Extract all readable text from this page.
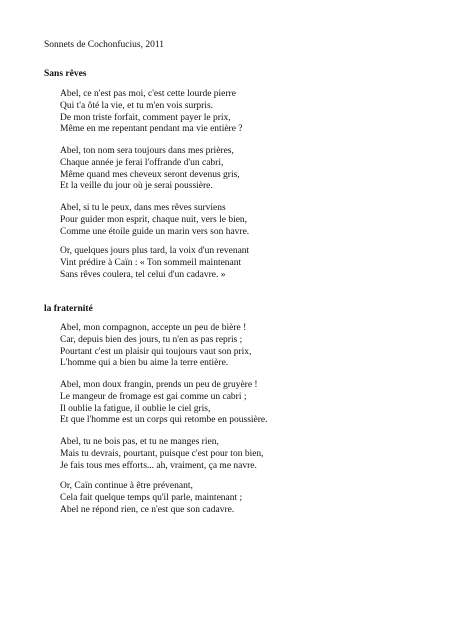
Sonnets de Cochonfucius, 2011
Sans rêves
Abel, ce n'est pas moi, c'est cette lourde pierre
Qui t'a ôté la vie, et tu m'en vois surpris.
De mon triste forfait, comment payer le prix,
Même en me repentant pendant ma vie entière ?
Abel, ton nom sera toujours dans mes prières,
Chaque année je ferai l'offrande d'un cabri,
Même quand mes cheveux seront devenus gris,
Et la veille du jour où je serai poussière.
Abel, si tu le peux, dans mes rêves surviens
Pour guider mon esprit, chaque nuit, vers le bien,
Comme une étoile guide un marin vers son havre.
Or, quelques jours plus tard, la voix d'un revenant
Vint prédire à Caïn : « Ton sommeil maintenant
Sans rêves coulera, tel celui d'un cadavre. »
la fraternité
Abel, mon compagnon, accepte un peu de bière !
Car, depuis bien des jours, tu n'en as pas repris ;
Pourtant c'est un plaisir qui toujours vaut son prix,
L'homme qui a bien bu aime la terre entière.
Abel, mon doux frangin, prends un peu de gruyère !
Le mangeur de fromage est gai comme un cabri ;
Il oublie la fatigue, il oublie le ciel gris,
Et que l'homme est un corps qui retombe en poussière.
Abel, tu ne bois pas, et tu ne manges rien,
Mais tu devrais, pourtant, puisque c'est pour ton bien,
Je fais tous mes efforts... ah, vraiment, ça me navre.
Or, Caïn continue à être prévenant,
Cela fait quelque temps qu'il parle, maintenant ;
Abel ne répond rien, ce n'est que son cadavre.
